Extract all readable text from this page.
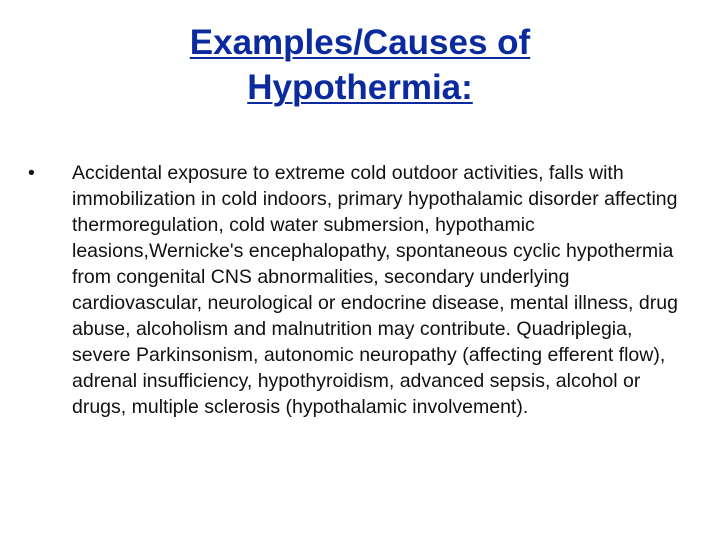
Examples/Causes of
Hypothermia:
•	Accidental exposure to extreme cold outdoor activities, falls with immobilization in cold indoors, primary hypothalamic disorder affecting thermoregulation, cold water submersion, hypothamic leasions,Wernicke's encephalopathy, spontaneous cyclic hypothermia from congenital CNS abnormalities, secondary underlying cardiovascular, neurological or endocrine disease, mental illness, drug abuse, alcoholism and malnutrition may contribute. Quadriplegia, severe Parkinsonism, autonomic neuropathy (affecting efferent flow), adrenal insufficiency, hypothyroidism, advanced sepsis, alcohol or drugs, multiple sclerosis (hypothalamic involvement).
